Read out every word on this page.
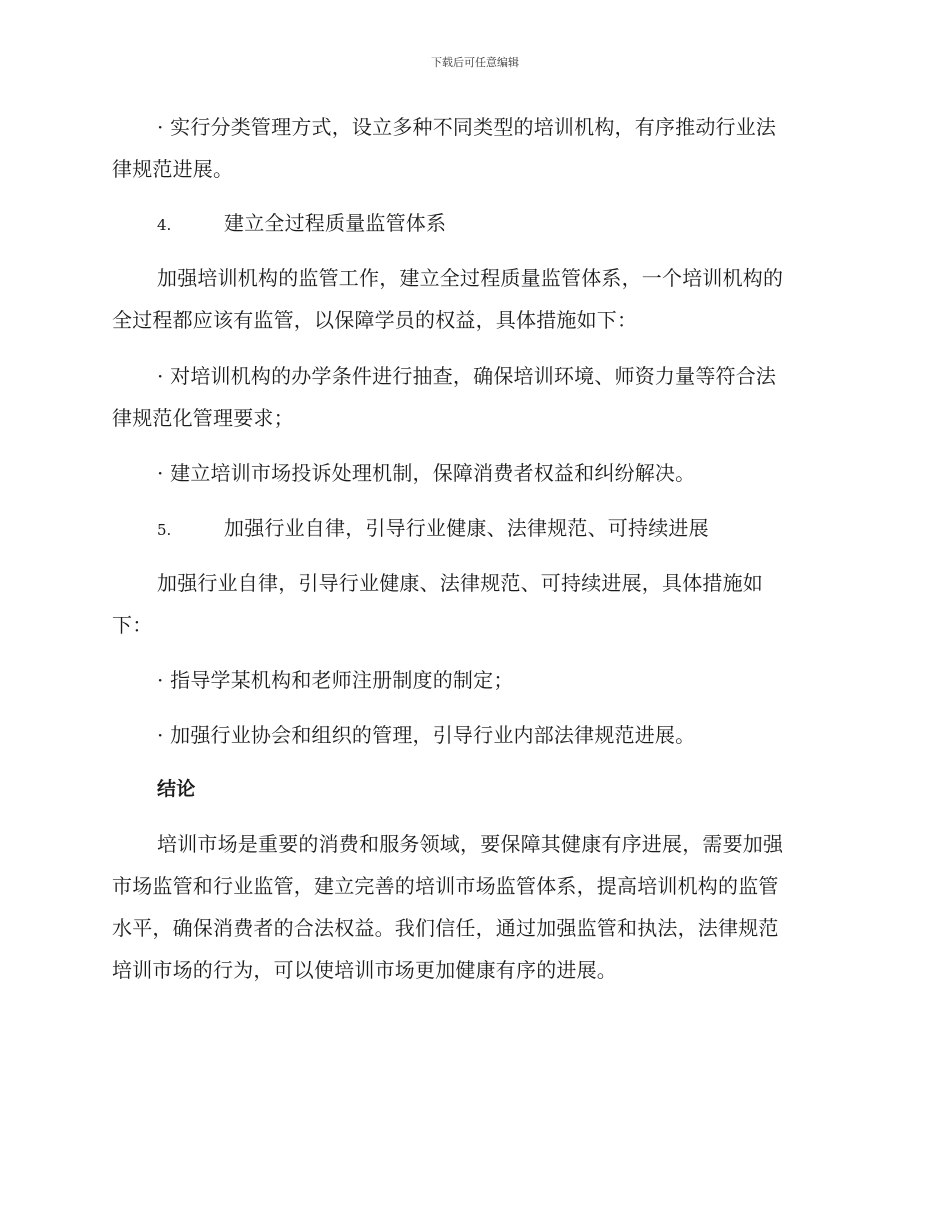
下载后可任意编辑
· 实行分类管理方式，设立多种不同类型的培训机构，有序推动行业法
律规范进展。
4.	建立全过程质量监管体系
加强培训机构的监管工作，建立全过程质量监管体系，一个培训机构的
全过程都应该有监管，以保障学员的权益，具体措施如下：
· 对培训机构的办学条件进行抽查，确保培训环境、师资力量等符合法
律规范化管理要求；
· 建立培训市场投诉处理机制，保障消费者权益和纠纷解决。
5.	加强行业自律，引导行业健康、法律规范、可持续进展
加强行业自律，引导行业健康、法律规范、可持续进展，具体措施如
下：
· 指导学某机构和老师注册制度的制定；
· 加强行业协会和组织的管理，引导行业内部法律规范进展。
结论
培训市场是重要的消费和服务领域，要保障其健康有序进展，需要加强
市场监管和行业监管，建立完善的培训市场监管体系，提高培训机构的监管
水平，确保消费者的合法权益。我们信任，通过加强监管和执法，法律规范
培训市场的行为，可以使培训市场更加健康有序的进展。
